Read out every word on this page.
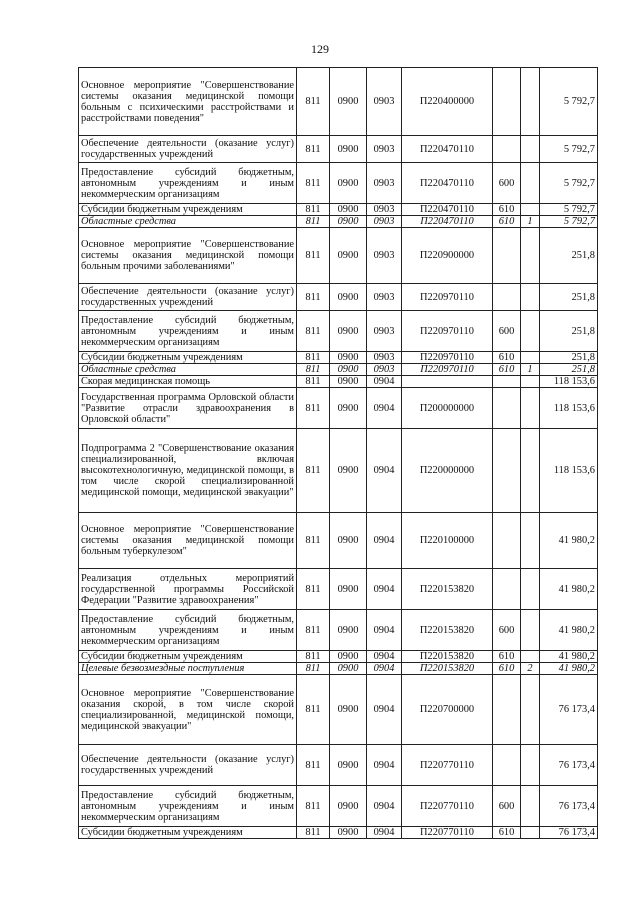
129
Основное мероприятие "Совершенствование системы оказания медицинской помощи больным с психическими расстройствами и расстройствами поведения"	811	0900	0903	П220400000			5 792,7
Обеспечение деятельности (оказание услуг) государственных учреждений	811	0900	0903	П220470110			5 792,7
Предоставление субсидий бюджетным, автономным учреждениям и иным некоммерческим организациям	811	0900	0903	П220470110	600		5 792,7
Субсидии бюджетным учреждениям	811	0900	0903	П220470110	610		5 792,7
Областные средства	811	0900	0903	П220470110	610	1	5 792,7
Основное мероприятие "Совершенствование системы оказания медицинской помощи больным прочими заболеваниями"	811	0900	0903	П220900000			251,8
Обеспечение деятельности (оказание услуг) государственных учреждений	811	0900	0903	П220970110			251,8
Предоставление субсидий бюджетным, автономным учреждениям и иным некоммерческим организациям	811	0900	0903	П220970110	600		251,8
Субсидии бюджетным учреждениям	811	0900	0903	П220970110	610		251,8
Областные средства	811	0900	0903	П220970110	610	1	251,8
Скорая медицинская помощь	811	0900	0904				118 153,6
Государственная программа Орловской области "Развитие отрасли здравоохранения в Орловской области"	811	0900	0904	П200000000			118 153,6
Подпрограмма 2 "Совершенствование оказания специализированной, включая высокотехнологичную, медицинской помощи, в том числе скорой специализированной медицинской помощи, медицинской эвакуации"	811	0900	0904	П220000000			118 153,6
Основное мероприятие "Совершенствование системы оказания медицинской помощи больным туберкулезом"	811	0900	0904	П220100000			41 980,2
Реализация отдельных мероприятий государственной программы Российской Федерации "Развитие здравоохранения"	811	0900	0904	П220153820			41 980,2
Предоставление субсидий бюджетным, автономным учреждениям и иным некоммерческим организациям	811	0900	0904	П220153820	600		41 980,2
Субсидии бюджетным учреждениям	811	0900	0904	П220153820	610		41 980,2
Целевые безвозмездные поступления	811	0900	0904	П220153820	610	2	41 980,2
Основное мероприятие "Совершенствование оказания скорой, в том числе скорой специализированной, медицинской помощи, медицинской эвакуации"	811	0900	0904	П220700000			76 173,4
Обеспечение деятельности (оказание услуг) государственных учреждений	811	0900	0904	П220770110			76 173,4
Предоставление субсидий бюджетным, автономным учреждениям и иным некоммерческим организациям	811	0900	0904	П220770110	600		76 173,4
Субсидии бюджетным учреждениям	811	0900	0904	П220770110	610		76 173,4
